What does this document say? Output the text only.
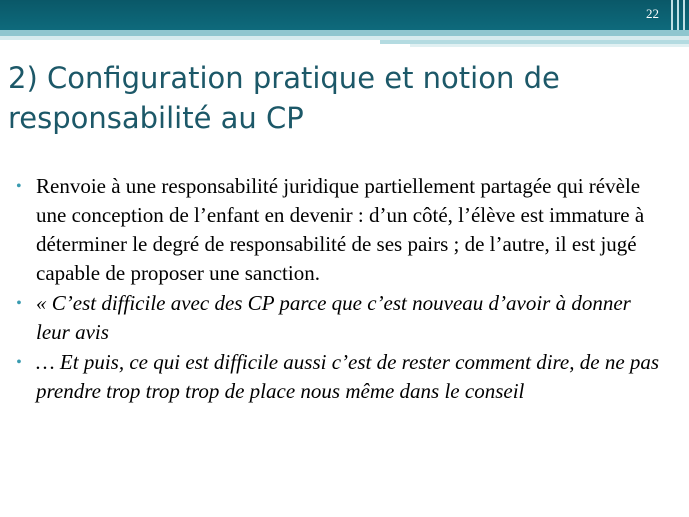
22
2) Configuration pratique et notion de responsabilité au CP
• Renvoie à une responsabilité juridique partiellement partagée qui révèle une conception de l’enfant en devenir : d’un côté, l’élève est immature à déterminer le degré de responsabilité de ses pairs ; de l’autre, il est jugé capable de proposer une sanction.
• « C’est difficile avec des CP parce que c’est nouveau d’avoir à donner leur avis
• … Et puis, ce qui est difficile aussi c’est de rester comment dire, de ne pas prendre trop trop trop de place nous même dans le conseil
